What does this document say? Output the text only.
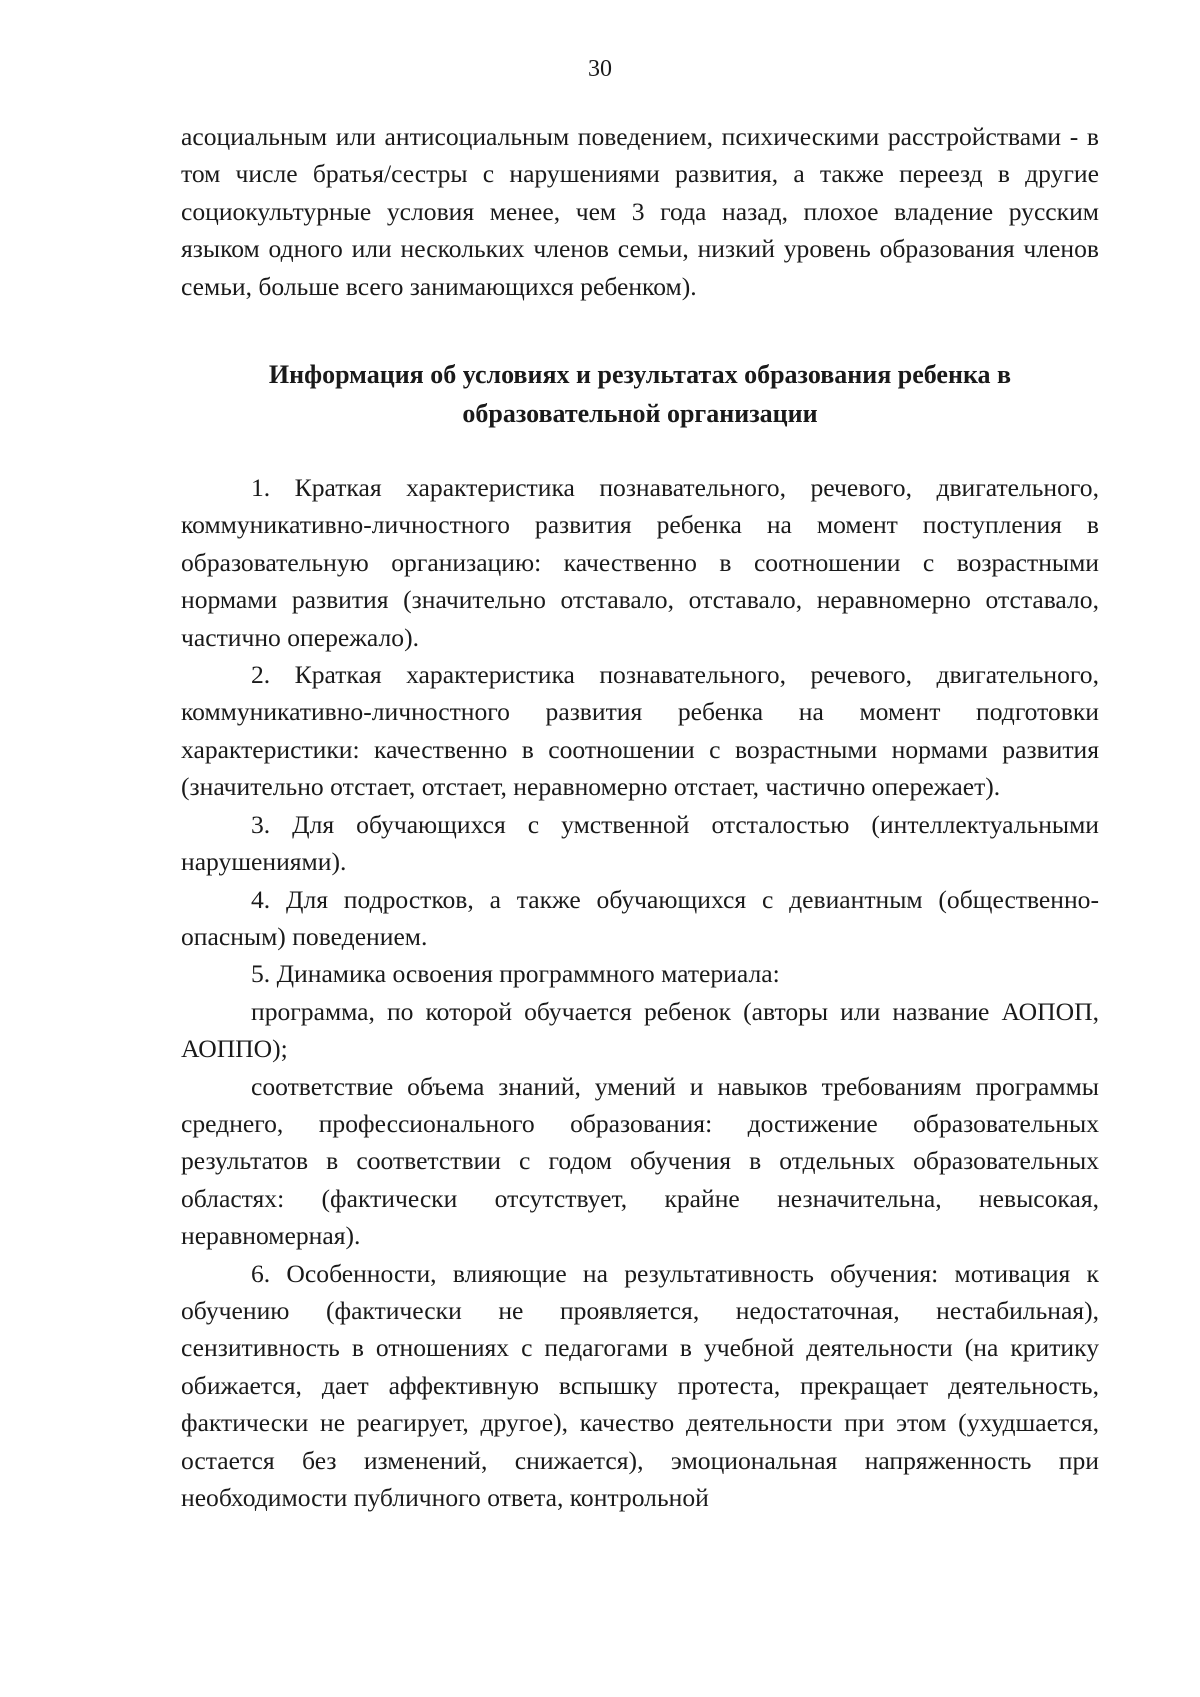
30

асоциальным или антисоциальным поведением, психическими расстройствами - в том числе братья/сестры с нарушениями развития, а также переезд в другие социокультурные условия менее, чем 3 года назад, плохое владение русским языком одного или нескольких членов семьи, низкий уровень образования членов семьи, больше всего занимающихся ребенком).

Информация об условиях и результатах образования ребенка в образовательной организации

1. Краткая характеристика познавательного, речевого, двигательного, коммуникативно-личностного развития ребенка на момент поступления в образовательную организацию: качественно в соотношении с возрастными нормами развития (значительно отставало, отставало, неравномерно отставало, частично опережало).

2. Краткая характеристика познавательного, речевого, двигательного, коммуникативно-личностного развития ребенка на момент подготовки характеристики: качественно в соотношении с возрастными нормами развития (значительно отстает, отстает, неравномерно отстает, частично опережает).

3. Для обучающихся с умственной отсталостью (интеллектуальными нарушениями).

4. Для подростков, а также обучающихся с девиантным (общественно-опасным) поведением.

5. Динамика освоения программного материала:

программа, по которой обучается ребенок (авторы или название АОПОП, АОППО);

соответствие объема знаний, умений и навыков требованиям программы среднего, профессионального образования: достижение образовательных результатов в соответствии с годом обучения в отдельных образовательных областях: (фактически отсутствует, крайне незначительна, невысокая, неравномерная).

6. Особенности, влияющие на результативность обучения: мотивация к обучению (фактически не проявляется, недостаточная, нестабильная), сензитивность в отношениях с педагогами в учебной деятельности (на критику обижается, дает аффективную вспышку протеста, прекращает деятельность, фактически не реагирует, другое), качество деятельности при этом (ухудшается, остается без изменений, снижается), эмоциональная напряженность при необходимости публичного ответа, контрольной
